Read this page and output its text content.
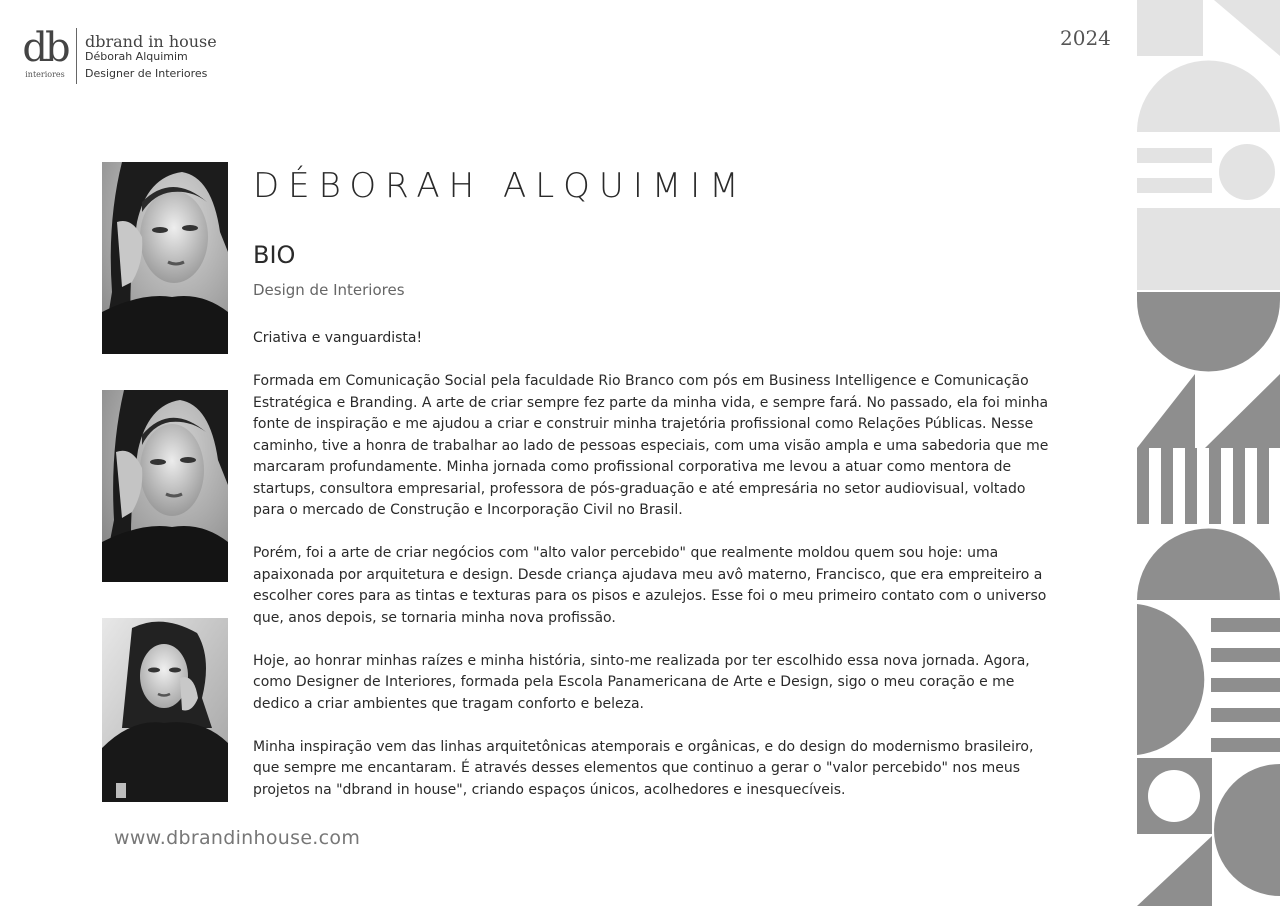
db
interiores
dbrand in house
Déborah Alquimim
Designer de Interiores
2024
DÉBORAH ALQUIMIM
BIO
Design de Interiores

Criativa e vanguardista!

Formada em Comunicação Social pela faculdade Rio Branco com pós em Business Intelligence e Comunicação Estratégica e Branding. A arte de criar sempre fez parte da minha vida, e sempre fará. No passado, ela foi minha fonte de inspiração e me ajudou a criar e construir minha trajetória profissional como Relações Públicas. Nesse caminho, tive a honra de trabalhar ao lado de pessoas especiais, com uma visão ampla e uma sabedoria que me marcaram profundamente. Minha jornada como profissional corporativa me levou a atuar como mentora de startups, consultora empresarial, professora de pós-graduação e até empresária no setor audiovisual, voltado para o mercado de Construção e Incorporação Civil no Brasil.

Porém, foi a arte de criar negócios com "alto valor percebido" que realmente moldou quem sou hoje: uma apaixonada por arquitetura e design. Desde criança ajudava meu avô materno, Francisco, que era empreiteiro a escolher cores para as tintas e texturas para os pisos e azulejos. Esse foi o meu primeiro contato com o universo que, anos depois, se tornaria minha nova profissão.

Hoje, ao honrar minhas raízes e minha história, sinto-me realizada por ter escolhido essa nova jornada. Agora, como Designer de Interiores, formada pela Escola Panamericana de Arte e Design, sigo o meu coração e me dedico a criar ambientes que tragam conforto e beleza.

Minha inspiração vem das linhas arquitetônicas atemporais e orgânicas, e do design do modernismo brasileiro, que sempre me encantaram. É através desses elementos que continuo a gerar o "valor percebido" nos meus projetos na "dbrand in house", criando espaços únicos, acolhedores e inesquecíveis.

www.dbrandinhouse.com
